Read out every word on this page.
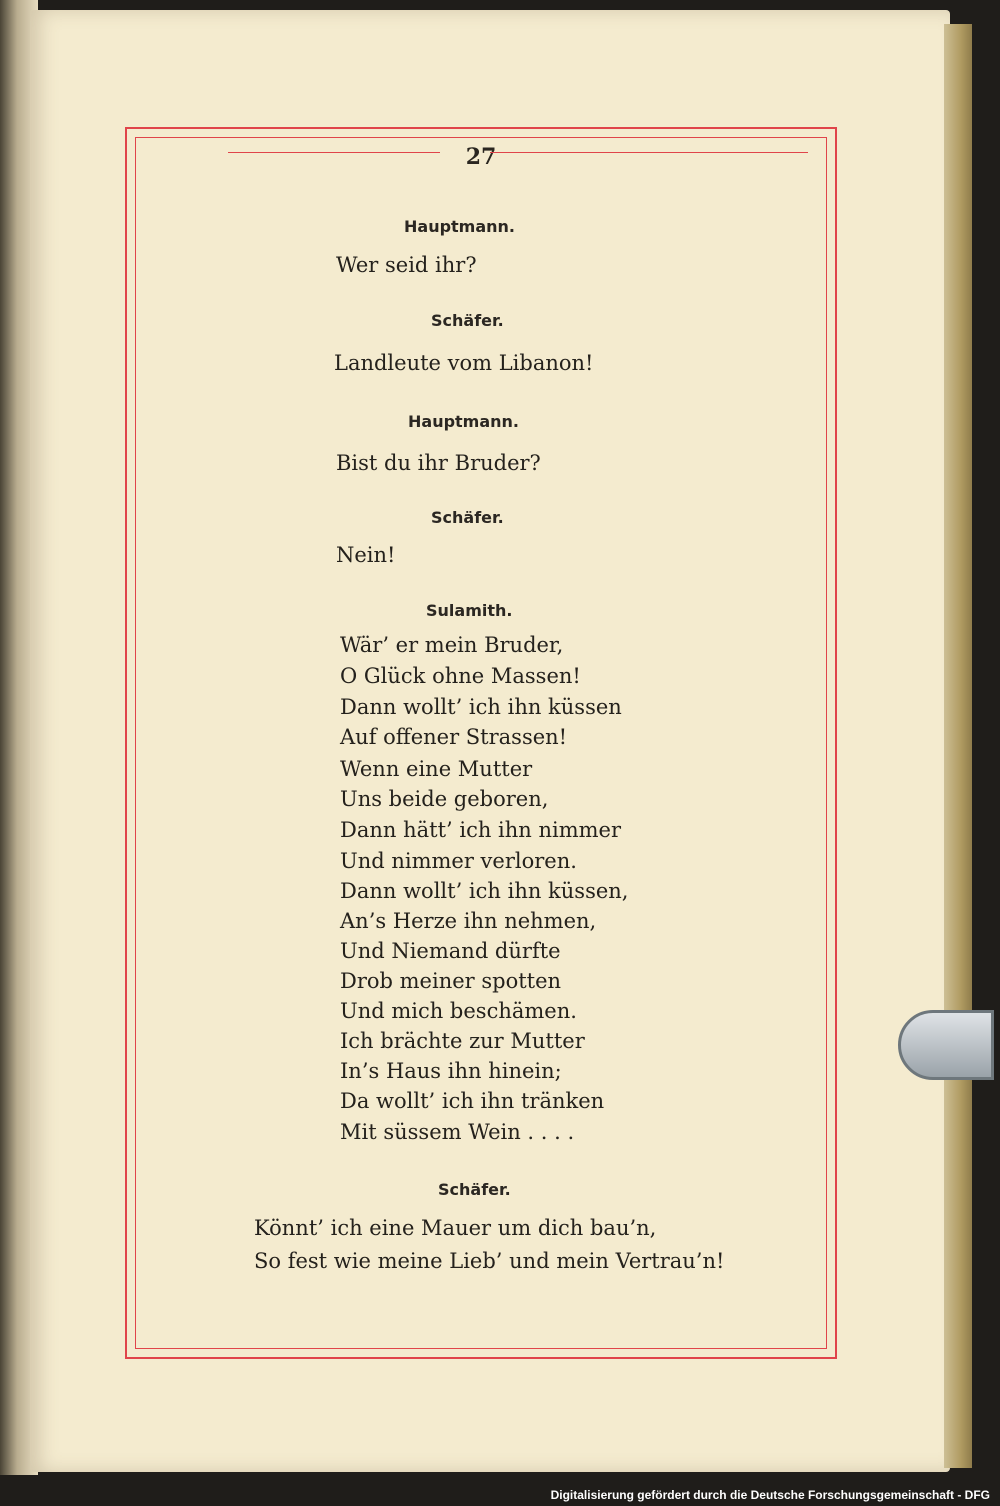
27
Hauptmann.
Wer seid ihr?
Schäfer.
Landleute vom Libanon!
Hauptmann.
Bist du ihr Bruder?
Schäfer.
Nein!
Sulamith.
Wär’ er mein Bruder,
O Glück ohne Massen!
Dann wollt’ ich ihn küssen
Auf offener Strassen!
Wenn eine Mutter
Uns beide geboren,
Dann hätt’ ich ihn nimmer
Und nimmer verloren.
Dann wollt’ ich ihn küssen,
An’s Herze ihn nehmen,
Und Niemand dürfte
Drob meiner spotten
Und mich beschämen.
Ich brächte zur Mutter
In’s Haus ihn hinein;
Da wollt’ ich ihn tränken
Mit süssem Wein . . . .
Schäfer.
Könnt’ ich eine Mauer um dich bau’n,
So fest wie meine Lieb’ und mein Vertrau’n!
Digitalisierung gefördert durch die Deutsche Forschungsgemeinschaft - DFG
